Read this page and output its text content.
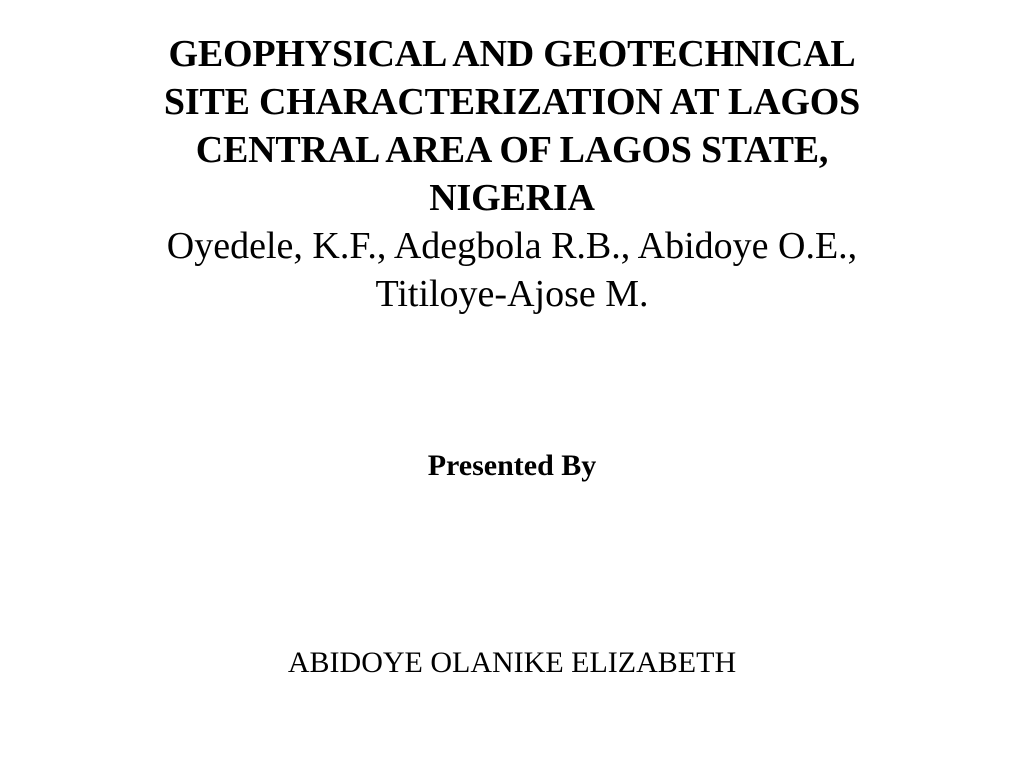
GEOPHYSICAL AND GEOTECHNICAL
SITE CHARACTERIZATION AT LAGOS
CENTRAL AREA OF LAGOS STATE,
NIGERIA

Oyedele, K.F., Adegbola R.B., Abidoye O.E.,
Titiloye-Ajose M.

Presented By
ABIDOYE OLANIKE ELIZABETH
